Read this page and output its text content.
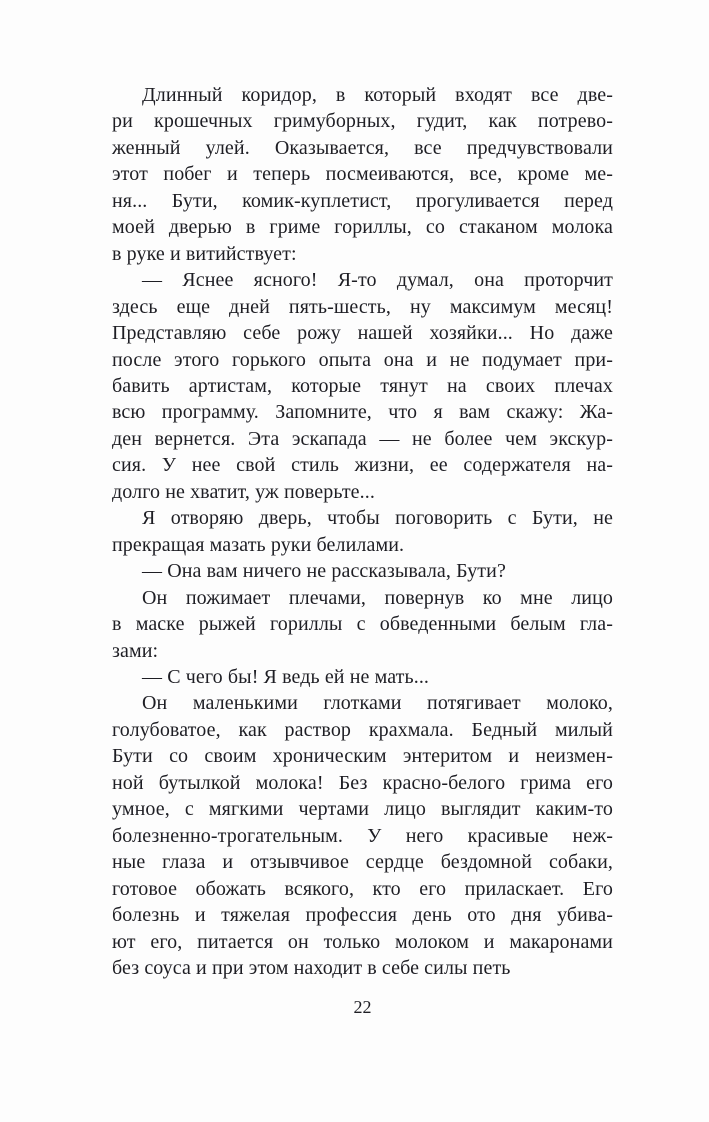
Длинный коридор, в который входят все две-
ри крошечных гримуборных, гудит, как потрево-
женный улей. Оказывается, все предчувствовали
этот побег и теперь посмеиваются, все, кроме ме-
ня... Бути, комик-куплетист, прогуливается перед
моей дверью в гриме гориллы, со стаканом молока
в руке и витийствует:
— Яснее ясного! Я-то думал, она проторчит
здесь еще дней пять-шесть, ну максимум месяц!
Представляю себе рожу нашей хозяйки... Но даже
после этого горького опыта она и не подумает при-
бавить артистам, которые тянут на своих плечах
всю программу. Запомните, что я вам скажу: Жа-
ден вернется. Эта эскапада — не более чем экскур-
сия. У нее свой стиль жизни, ее содержателя на-
долго не хватит, уж поверьте...
Я отворяю дверь, чтобы поговорить с Бути, не
прекращая мазать руки белилами.
— Она вам ничего не рассказывала, Бути?
Он пожимает плечами, повернув ко мне лицо
в маске рыжей гориллы с обведенными белым гла-
зами:
— С чего бы! Я ведь ей не мать...
Он маленькими глотками потягивает молоко,
голубоватое, как раствор крахмала. Бедный милый
Бути со своим хроническим энтеритом и неизмен-
ной бутылкой молока! Без красно-белого грима его
умное, с мягкими чертами лицо выглядит каким-то
болезненно-трогательным. У него красивые неж-
ные глаза и отзывчивое сердце бездомной собаки,
готовое обожать всякого, кто его приласкает. Его
болезнь и тяжелая профессия день ото дня убива-
ют его, питается он только молоком и макаронами
без соуса и при этом находит в себе силы петь
22
